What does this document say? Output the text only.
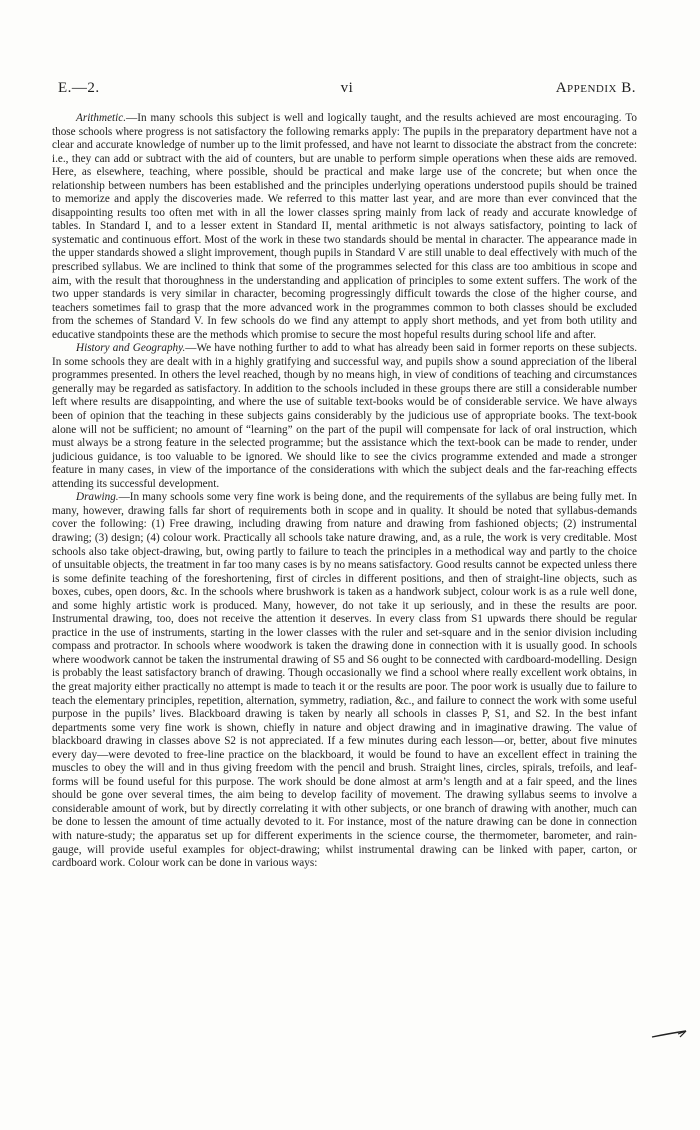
E.—2.	vi	Appendix B.

Arithmetic.—In many schools this subject is well and logically taught, and the results achieved are most encouraging. To those schools where progress is not satisfactory the following remarks apply: The pupils in the preparatory department have not a clear and accurate knowledge of number up to the limit professed, and have not learnt to dissociate the abstract from the concrete: i.e., they can add or subtract with the aid of counters, but are unable to perform simple operations when these aids are removed. Here, as elsewhere, teaching, where possible, should be practical and make large use of the concrete; but when once the relationship between numbers has been established and the principles underlying operations understood pupils should be trained to memorize and apply the discoveries made. We referred to this matter last year, and are more than ever convinced that the disappointing results too often met with in all the lower classes spring mainly from lack of ready and accurate knowledge of tables. In Standard I, and to a lesser extent in Standard II, mental arithmetic is not always satisfactory, pointing to lack of systematic and continuous effort. Most of the work in these two standards should be mental in character. The appearance made in the upper standards showed a slight improvement, though pupils in Standard V are still unable to deal effectively with much of the prescribed syllabus. We are inclined to think that some of the programmes selected for this class are too ambitious in scope and aim, with the result that thoroughness in the understanding and application of principles to some extent suffers. The work of the two upper standards is very similar in character, becoming progressingly difficult towards the close of the higher course, and teachers sometimes fail to grasp that the more advanced work in the programmes common to both classes should be excluded from the schemes of Standard V. In few schools do we find any attempt to apply short methods, and yet from both utility and educative standpoints these are the methods which promise to secure the most hopeful results during school life and after.

History and Geography.—We have nothing further to add to what has already been said in former reports on these subjects. In some schools they are dealt with in a highly gratifying and successful way, and pupils show a sound appreciation of the liberal programmes presented. In others the level reached, though by no means high, in view of conditions of teaching and circumstances generally may be regarded as satisfactory. In addition to the schools included in these groups there are still a considerable number left where results are disappointing, and where the use of suitable text-books would be of considerable service. We have always been of opinion that the teaching in these subjects gains considerably by the judicious use of appropriate books. The text-book alone will not be sufficient; no amount of “learning” on the part of the pupil will compensate for lack of oral instruction, which must always be a strong feature in the selected programme; but the assistance which the text-book can be made to render, under judicious guidance, is too valuable to be ignored. We should like to see the civics programme extended and made a stronger feature in many cases, in view of the importance of the considerations with which the subject deals and the far-reaching effects attending its successful development.

Drawing.—In many schools some very fine work is being done, and the requirements of the syllabus are being fully met. In many, however, drawing falls far short of requirements both in scope and in quality. It should be noted that syllabus-demands cover the following: (1) Free drawing, including drawing from nature and drawing from fashioned objects; (2) instrumental drawing; (3) design; (4) colour work. Practically all schools take nature drawing, and, as a rule, the work is very creditable. Most schools also take object-drawing, but, owing partly to failure to teach the principles in a methodical way and partly to the choice of unsuitable objects, the treatment in far too many cases is by no means satisfactory. Good results cannot be expected unless there is some definite teaching of the foreshortening, first of circles in different positions, and then of straight-line objects, such as boxes, cubes, open doors, &c. In the schools where brushwork is taken as a handwork subject, colour work is as a rule well done, and some highly artistic work is produced. Many, however, do not take it up seriously, and in these the results are poor. Instrumental drawing, too, does not receive the attention it deserves. In every class from S1 upwards there should be regular practice in the use of instruments, starting in the lower classes with the ruler and set-square and in the senior division including compass and protractor. In schools where woodwork is taken the drawing done in connection with it is usually good. In schools where woodwork cannot be taken the instrumental drawing of S5 and S6 ought to be connected with cardboard-modelling. Design is probably the least satisfactory branch of drawing. Though occasionally we find a school where really excellent work obtains, in the great majority either practically no attempt is made to teach it or the results are poor. The poor work is usually due to failure to teach the elementary principles, repetition, alternation, symmetry, radiation, &c., and failure to connect the work with some useful purpose in the pupils’ lives. Blackboard drawing is taken by nearly all schools in classes P, S1, and S2. In the best infant departments some very fine work is shown, chiefly in nature and object drawing and in imaginative drawing. The value of blackboard drawing in classes above S2 is not appreciated. If a few minutes during each lesson—or, better, about five minutes every day—were devoted to free-line practice on the blackboard, it would be found to have an excellent effect in training the muscles to obey the will and in thus giving freedom with the pencil and brush. Straight lines, circles, spirals, trefoils, and leaf-forms will be found useful for this purpose. The work should be done almost at arm’s length and at a fair speed, and the lines should be gone over several times, the aim being to develop facility of movement. The drawing syllabus seems to involve a considerable amount of work, but by directly correlating it with other subjects, or one branch of drawing with another, much can be done to lessen the amount of time actually devoted to it. For instance, most of the nature drawing can be done in connection with nature-study; the apparatus set up for different experiments in the science course, the thermometer, barometer, and rain-gauge, will provide useful examples for object-drawing; whilst instrumental drawing can be linked with paper, carton, or cardboard work. Colour work can be done in various ways:
